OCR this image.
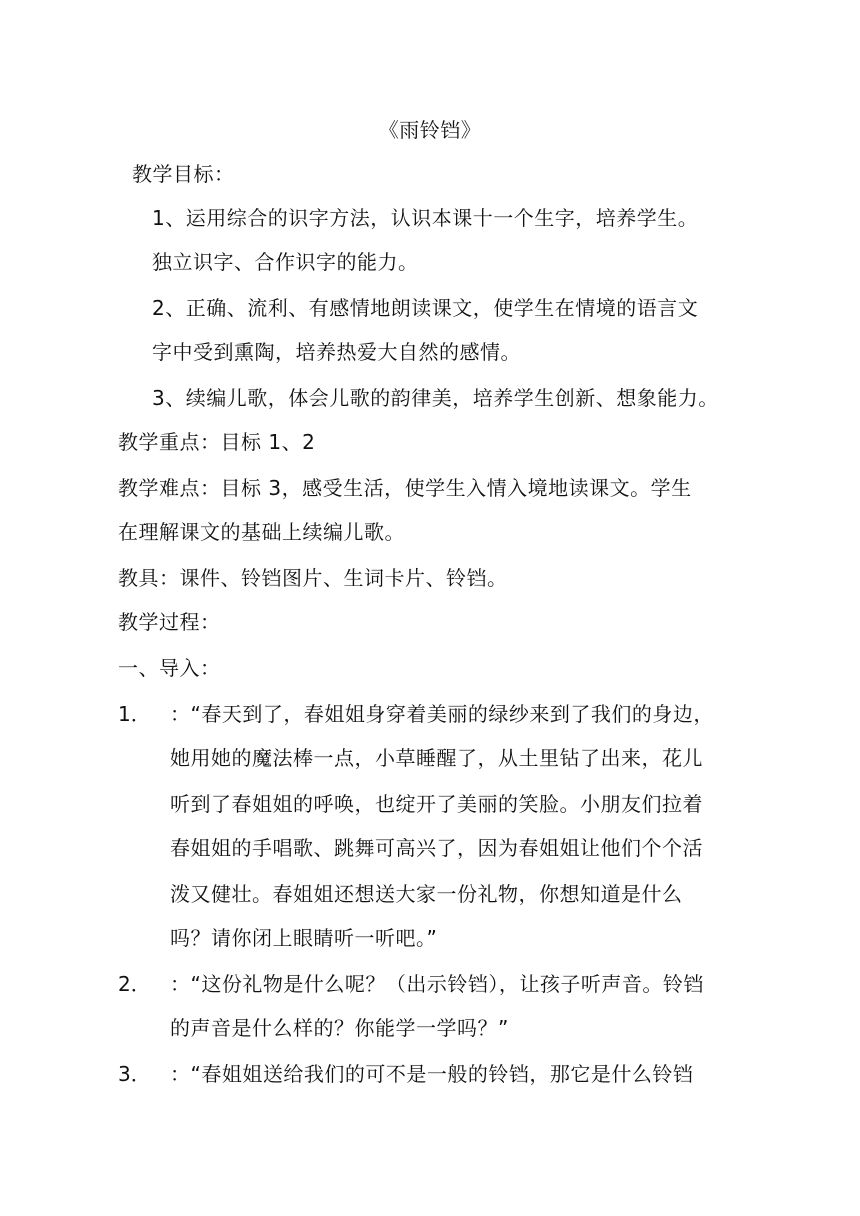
《雨铃铛》
教学目标：
1、运用综合的识字方法，认识本课十一个生字，培养学生。
独立识字、合作识字的能力。
2、正确、流利、有感情地朗读课文，使学生在情境的语言文
字中受到熏陶，培养热爱大自然的感情。
3、续编儿歌，体会儿歌的韵律美，培养学生创新、想象能力。
教学重点：目标 1、2
教学难点：目标 3，感受生活，使学生入情入境地读课文。学生
在理解课文的基础上续编儿歌。
教具：课件、铃铛图片、生词卡片、铃铛。
教学过程：
一、导入：
1． ：“春天到了，春姐姐身穿着美丽的绿纱来到了我们的身边，
她用她的魔法棒一点，小草睡醒了，从土里钻了出来，花儿
听到了春姐姐的呼唤，也绽开了美丽的笑脸。小朋友们拉着
春姐姐的手唱歌、跳舞可高兴了，因为春姐姐让他们个个活
泼又健壮。春姐姐还想送大家一份礼物，你想知道是什么
吗？请你闭上眼睛听一听吧。”
2． ：“这份礼物是什么呢？（出示铃铛），让孩子听声音。铃铛
的声音是什么样的？你能学一学吗？”
3． ：“春姐姐送给我们的可不是一般的铃铛，那它是什么铃铛
